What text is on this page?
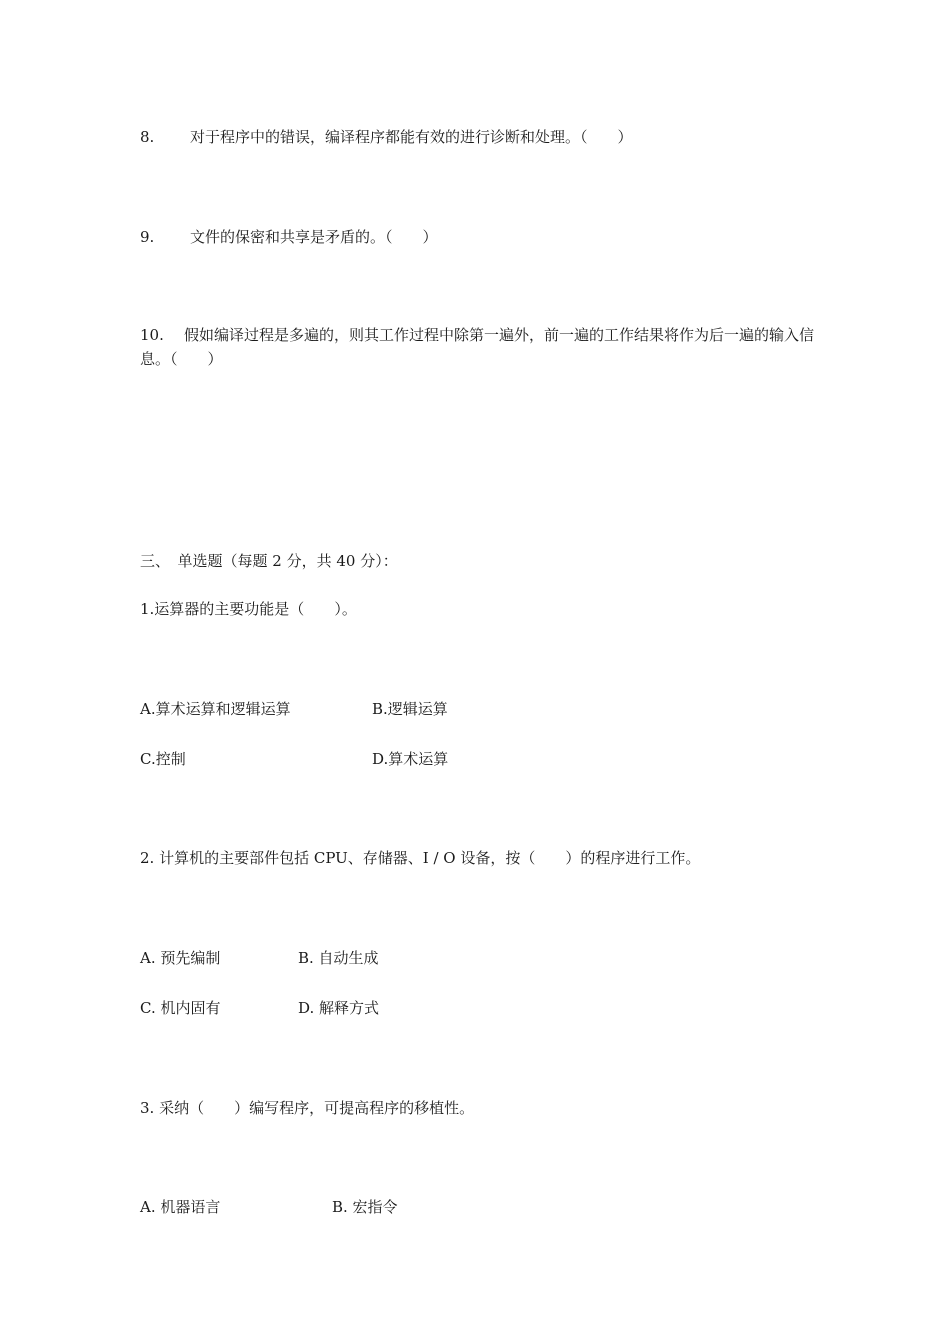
8. 对于程序中的错误，编译程序都能有效的进行诊断和处理。（　　）
9. 文件的保密和共享是矛盾的。（　　）
10. 假如编译过程是多遍的，则其工作过程中除第一遍外，前一遍的工作结果将作为后一遍的输入信息。（　　）
三、　单选题（每题 2 分，共 40 分）：
1.运算器的主要功能是（　　）。
A.算术运算和逻辑运算	B.逻辑运算
C.控制	D.算术运算
2. 计算机的主要部件包括 CPU、存储器、I / O 设备，按（　　）的程序进行工作。
A. 预先编制	B. 自动生成
C. 机内固有	D. 解释方式
3. 采纳（　　）编写程序，可提高程序的移植性。
A. 机器语言	B. 宏指令
